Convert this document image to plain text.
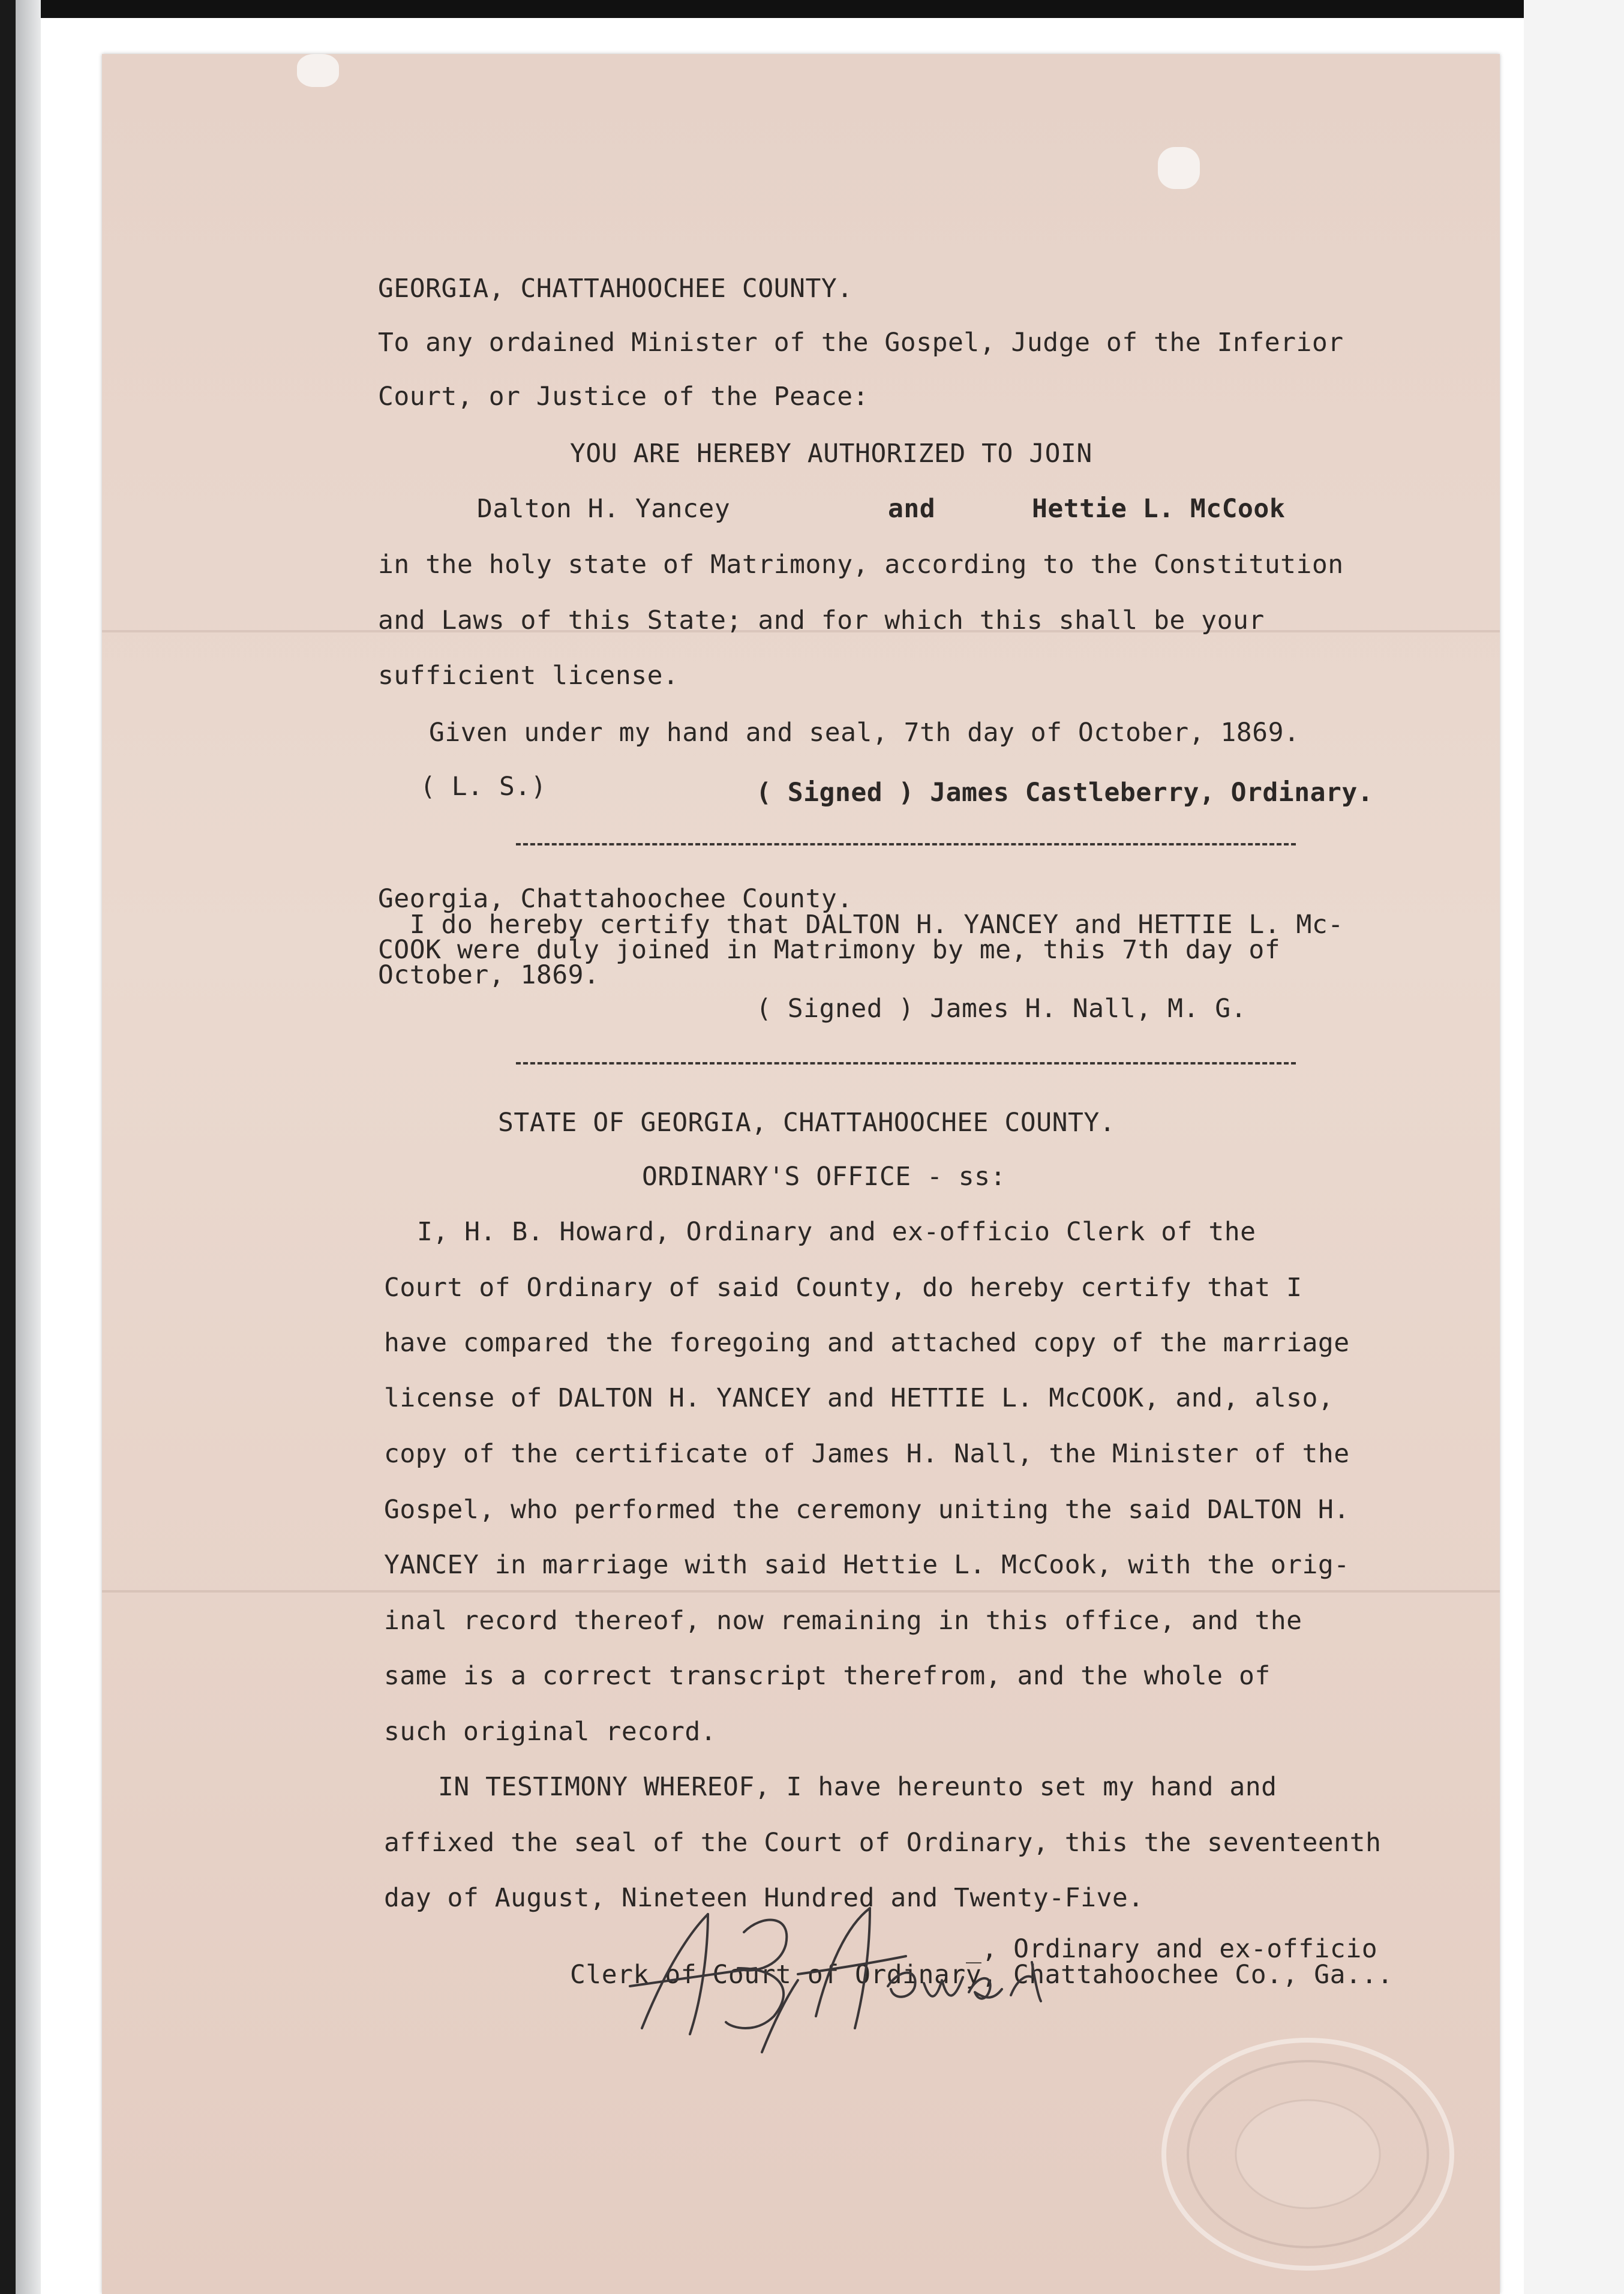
GEORGIA, CHATTAHOOCHEE COUNTY.

To any ordained Minister of the Gospel, Judge of the Inferior

Court, or Justice of the Peace:

YOU ARE HEREBY AUTHORIZED TO JOIN

Dalton H. Yancey	and	Hettie L. McCook

in the holy state of Matrimony, according to the Constitution

and Laws of this State; and for which this shall be your

sufficient license.

Given under my hand and seal, 7th day of October, 1869.

( L. S.)	( Signed ) James Castleberry, Ordinary.

Georgia, Chattahoochee County.

I do hereby certify that DALTON H. YANCEY and HETTIE L. Mc-

COOK were duly joined in Matrimony by me, this 7th day of

October, 1869.

( Signed ) James H. Nall, M. G.

STATE OF GEORGIA, CHATTAHOOCHEE COUNTY.

ORDINARY'S OFFICE - ss:

I, H. B. Howard, Ordinary and ex-officio Clerk of the

Court of Ordinary of said County, do hereby certify that I

have compared the foregoing and attached copy of the marriage

license of DALTON H. YANCEY and HETTIE L. McCOOK, and, also,

copy of the certificate of James H. Nall, the Minister of the

Gospel, who performed the ceremony uniting the said DALTON H.

YANCEY in marriage with said Hettie L. McCook, with the orig-

inal record thereof, now remaining in this office, and the

same is a correct transcript therefrom, and the whole of

such original record.

IN TESTIMONY WHEREOF, I have hereunto set my hand and

affixed the seal of the Court of Ordinary, this the seventeenth

day of August, Nineteen Hundred and Twenty-Five.

_, Ordinary and ex-officio

Clerk of Court of Ordinary, Chattahoochee Co., Ga...
